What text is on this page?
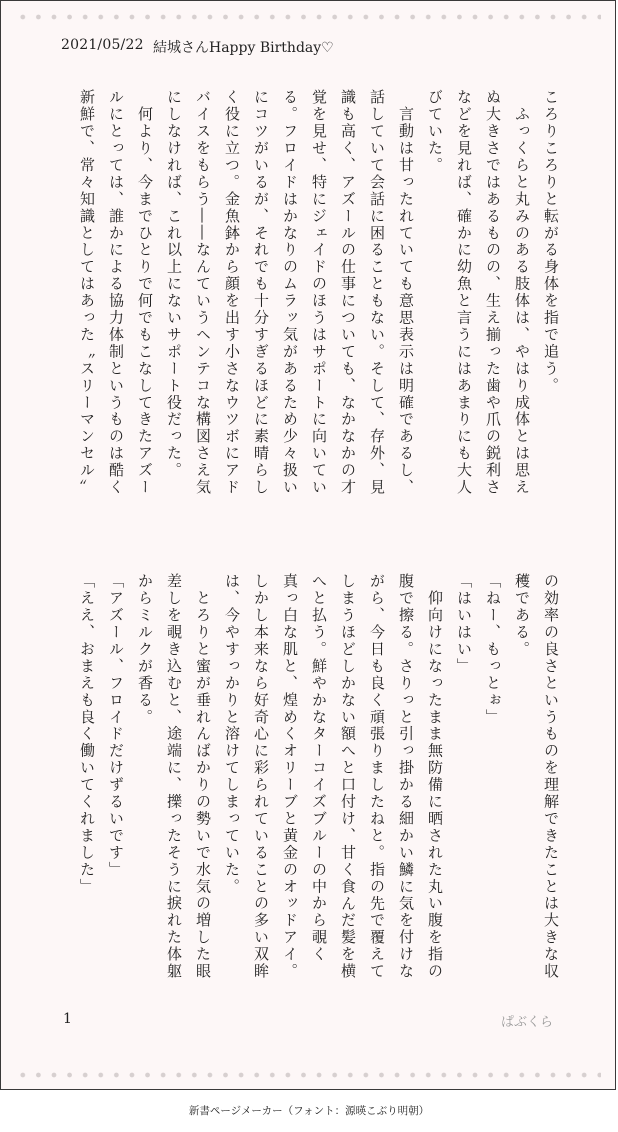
2021/05/22 結城さんHappy Birthday♡
ころりころりと転がる身体を指で追う。
　ふっくらと丸みのある肢体は、やはり成体とは思え
ぬ大きさではあるものの、生え揃った歯や爪の鋭利さ
などを見れば、確かに幼魚と言うにはあまりにも大人
びていた。
　言動は甘ったれていても意思表示は明確であるし、
話していて会話に困ることもない。そして、存外、見
識も高く、アズールの仕事についても、なかなかの才
覚を見せ、特にジェイドのほうはサポートに向いてい
る。フロイドはかなりのムラッ気があるため少々扱い
にコツがいるが、それでも十分すぎるほどに素晴らし
く役に立つ。金魚鉢から顔を出す小さなウツボにアド
バイスをもらう――なんていうヘンテコな構図さえ気
にしなければ、これ以上にないサポート役だった。
　何より、今までひとりで何でもこなしてきたアズー
ルにとっては、誰かによる協力体制というものは酷く
新鮮で、常々知識としてはあった〝スリーマンセル〟
の効率の良さというものを理解できたことは大きな収
穫である。
「ねー、もっとぉ」
「はいはい」
　仰向けになったまま無防備に晒された丸い腹を指の
腹で擦る。さりっと引っ掛かる細かい鱗に気を付けな
がら、今日も良く頑張りましたねと。指の先で覆えて
しまうほどしかない額へと口付け、甘く食んだ髪を横
へと払う。鮮やかなターコイズブルーの中から覗く
真っ白な肌と、煌めくオリーブと黄金のオッドアイ。
しかし本来なら好奇心に彩られていることの多い双眸
は、今やすっかりと溶けてしまっていた。
　とろりと蜜が垂れんばかりの勢いで水気の増した眼
差しを覗き込むと、途端に、擽ったそうに捩れた体躯
からミルクが香る。
「アズール、フロイドだけずるいです」
「ええ、おまえも良く働いてくれました」
1	ぱぶくら
新書ページメーカー（フォント：源暎こぶり明朝）
